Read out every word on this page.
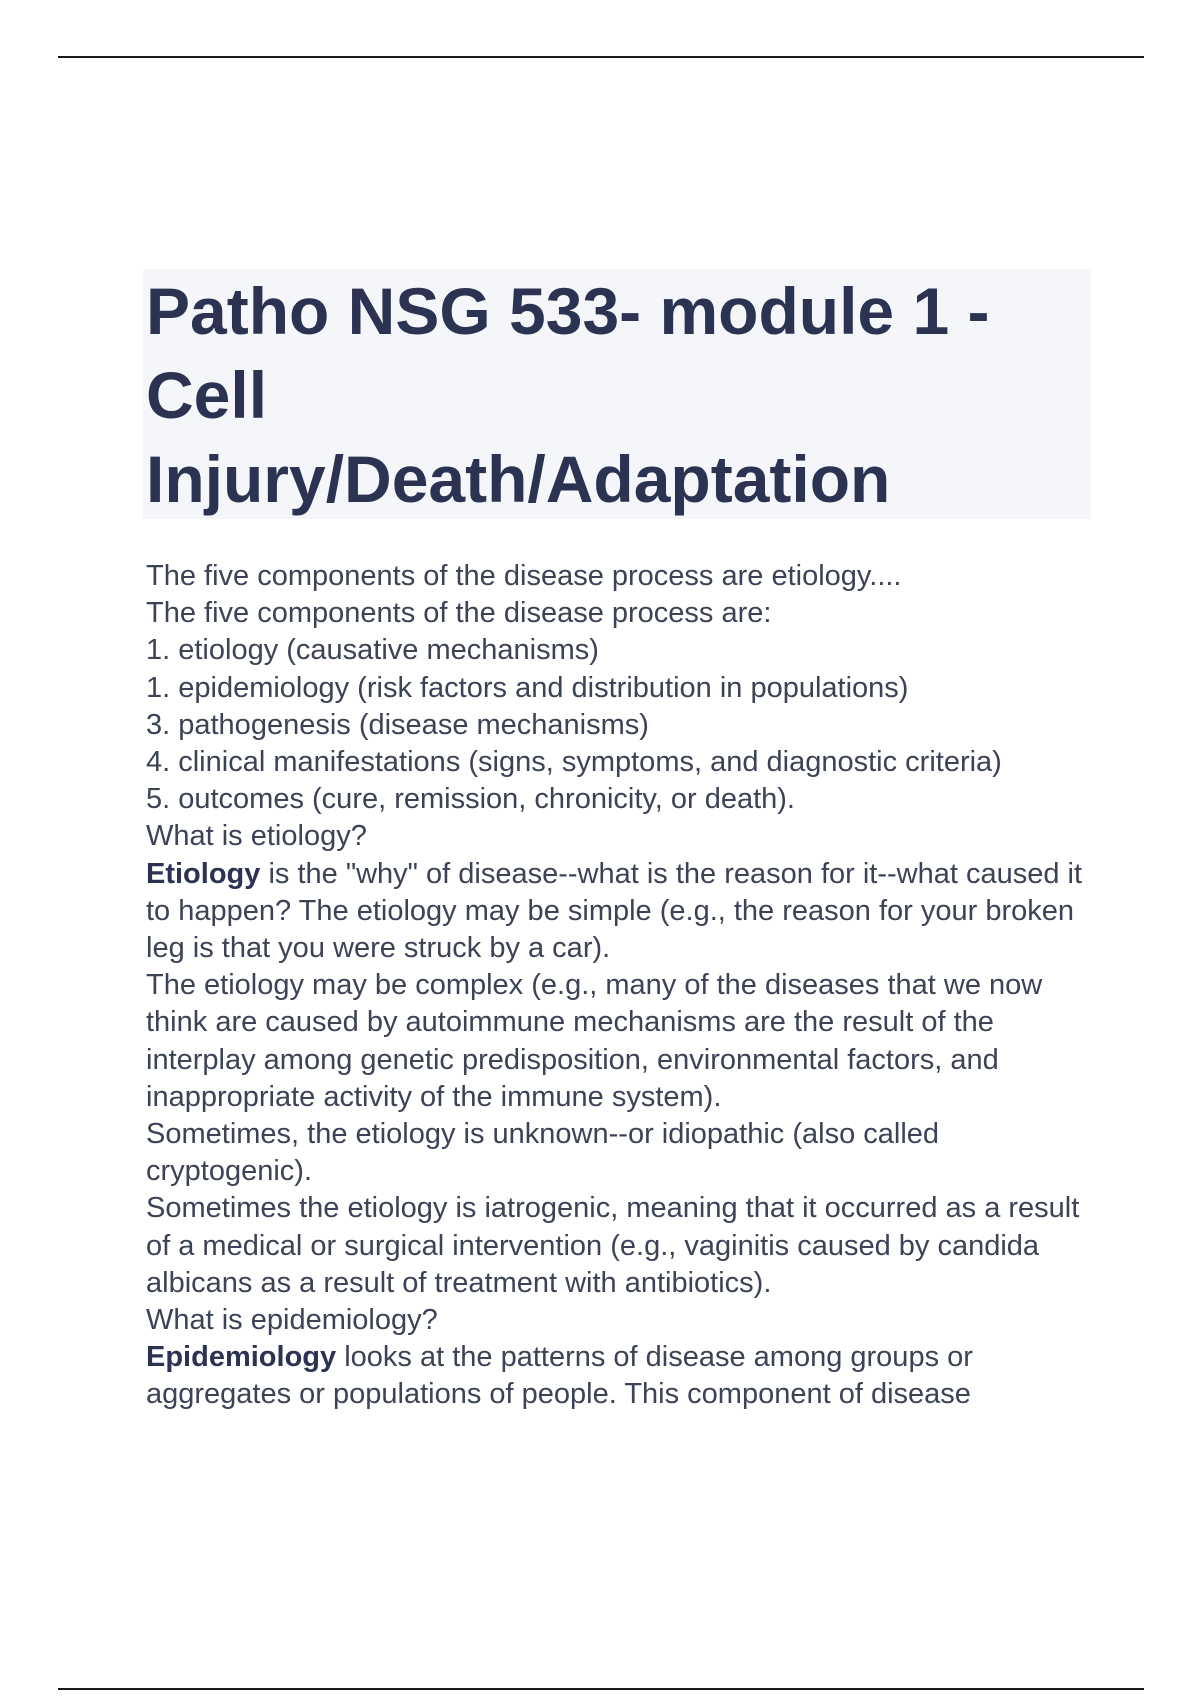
Patho NSG 533- module 1 -
Cell
Injury/Death/Adaptation

The five components of the disease process are etiology....

The five components of the disease process are:

1. etiology (causative mechanisms)

1. epidemiology (risk factors and distribution in populations)

3. pathogenesis (disease mechanisms)

4. clinical manifestations (signs, symptoms, and diagnostic criteria)

5. outcomes (cure, remission, chronicity, or death).

What is etiology?

Etiology is the "why" of disease--what is the reason for it--what caused it to happen? The etiology may be simple (e.g., the reason for your broken leg is that you were struck by a car).

The etiology may be complex (e.g., many of the diseases that we now think are caused by autoimmune mechanisms are the result of the interplay among genetic predisposition, environmental factors, and inappropriate activity of the immune system).

Sometimes, the etiology is unknown--or idiopathic (also called cryptogenic).

Sometimes the etiology is iatrogenic, meaning that it occurred as a result of a medical or surgical intervention (e.g., vaginitis caused by candida albicans as a result of treatment with antibiotics).

What is epidemiology?

Epidemiology looks at the patterns of disease among groups or aggregates or populations of people. This component of disease
